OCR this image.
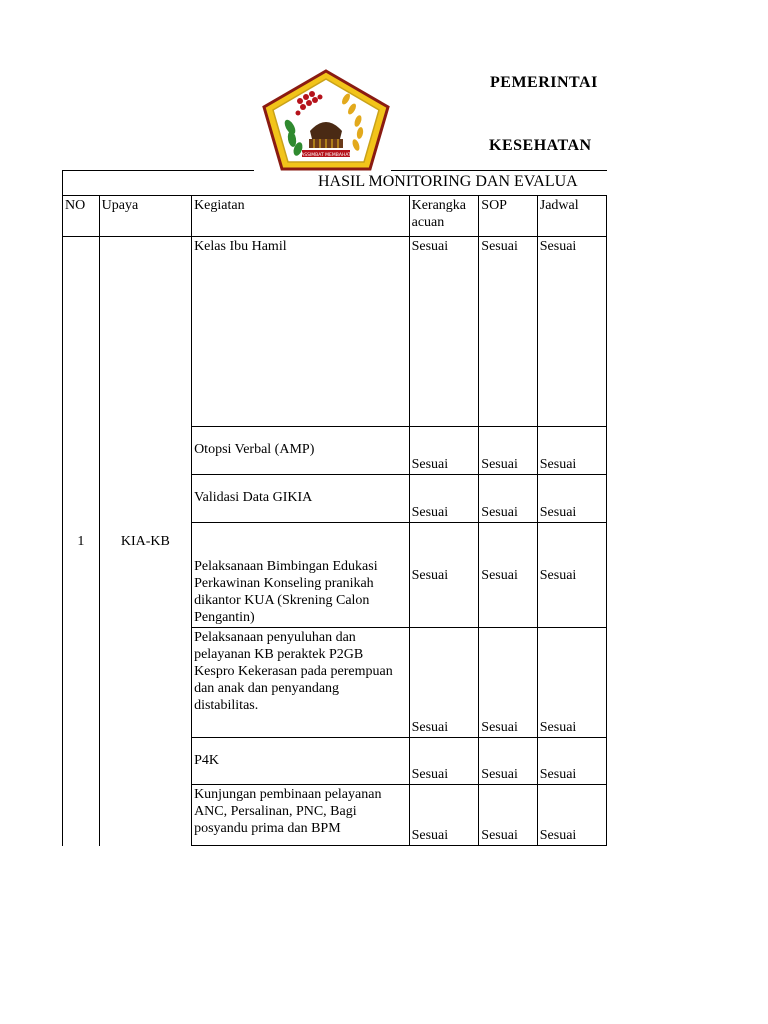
ASSIMBAT MEMBAHAT
PEMERINTAI
KESEHATAN
HASIL MONITORING DAN EVALUA
NO	Upaya	Kegiatan	Kerangka acuan	SOP	Jadwal
1	KIA-KB	Kelas Ibu Hamil	Sesuai	Sesuai	Sesuai
		Otopsi Verbal (AMP)	Sesuai	Sesuai	Sesuai
		Validasi Data GIKIA	Sesuai	Sesuai	Sesuai
		Pelaksanaan Bimbingan Edukasi Perkawinan Konseling pranikah dikantor KUA (Skrening Calon Pengantin)	Sesuai	Sesuai	Sesuai
		Pelaksanaan penyuluhan dan pelayanan KB peraktek P2GB Kespro Kekerasan pada perempuan dan anak dan penyandang distabilitas.	Sesuai	Sesuai	Sesuai
		P4K	Sesuai	Sesuai	Sesuai
		Kunjungan pembinaan pelayanan ANC, Persalinan, PNC, Bagi posyandu prima dan BPM	Sesuai	Sesuai	Sesuai
